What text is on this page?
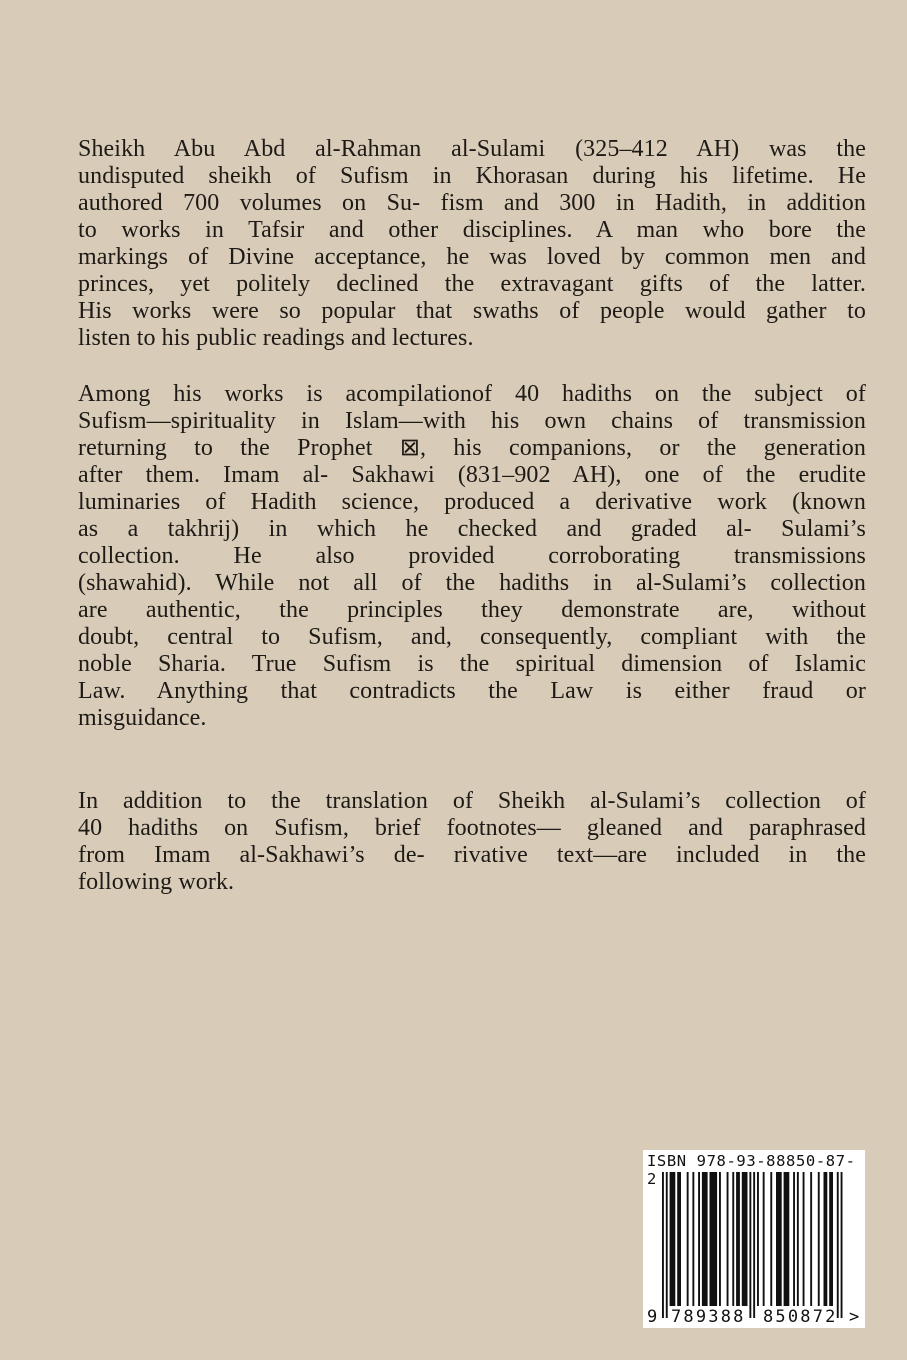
Sheikh Abu Abd al-Rahman al-Sulami (325–412 AH) was the
undisputed sheikh of Sufism in Khorasan during his lifetime. He
authored 700 volumes on Su- fism and 300 in Hadith, in addition
to works in Tafsir and other disciplines. A man who bore the
markings of Divine acceptance, he was loved by common men and
princes, yet politely declined the extravagant gifts of the latter.
His works were so popular that swaths of people would gather to
listen to his public readings and lectures.
Among his works is acompilationof 40 hadiths on the subject of
Sufism—spirituality in Islam—with his own chains of transmission
returning to the Prophet ⊠, his companions, or the generation
after them. Imam al- Sakhawi (831–902 AH), one of the erudite
luminaries of Hadith science, produced a derivative work (known
as a takhrij) in which he checked and graded al- Sulami’s
collection. He also provided corroborating transmissions
(shawahid). While not all of the hadiths in al-Sulami’s collection
are authentic, the principles they demonstrate are, without
doubt, central to Sufism, and, consequently, compliant with the
noble Sharia. True Sufism is the spiritual dimension of Islamic
Law. Anything that contradicts the Law is either fraud or
misguidance.
In addition to the translation of Sheikh al-Sulami’s collection of
40 hadiths on Sufism, brief footnotes— gleaned and paraphrased
from Imam al-Sakhawi’s de- rivative text—are included in the
following work.
ISBN 978-93-88850-87-2
9 789388 850872 >
